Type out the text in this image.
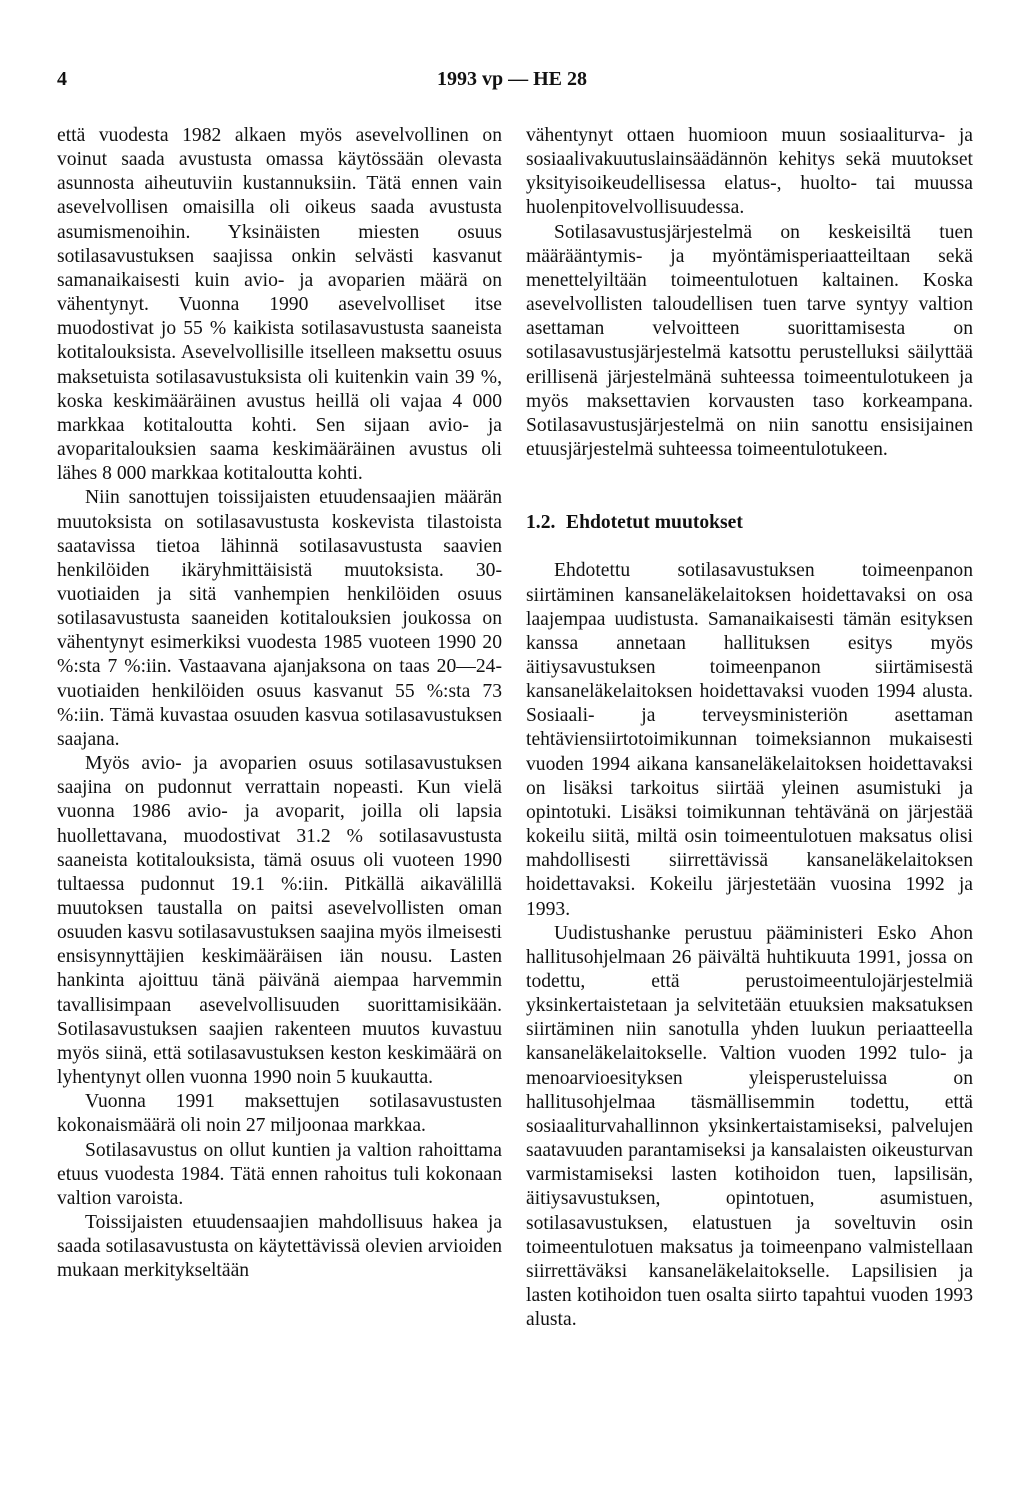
4	1993 vp — HE 28

että vuodesta 1982 alkaen myös asevelvollinen on voinut saada avustusta omassa käytössään olevasta asunnosta aiheutuviin kustannuksiin. Tätä ennen vain asevelvollisen omaisilla oli oikeus saada avustusta asumismenoihin. Yksinäisten miesten osuus sotilasavustuksen saajissa onkin selvästi kasvanut samanaikaisesti kuin avio- ja avoparien määrä on vähentynyt. Vuonna 1990 asevelvolliset itse muodostivat jo 55 % kaikista sotilasavustusta saaneista kotitalouksista. Asevelvollisille itselleen maksettu osuus maksetuista sotilasavustuksista oli kuitenkin vain 39 %, koska keskimääräinen avustus heillä oli vajaa 4 000 markkaa kotitaloutta kohti. Sen sijaan avio- ja avoparitalouksien saama keskimääräinen avustus oli lähes 8 000 markkaa kotitaloutta kohti.

Niin sanottujen toissijaisten etuudensaajien määrän muutoksista on sotilasavustusta koskevista tilastoista saatavissa tietoa lähinnä sotilasavustusta saavien henkilöiden ikäryhmittäisistä muutoksista. 30-vuotiaiden ja sitä vanhempien henkilöiden osuus sotilasavustusta saaneiden kotitalouksien joukossa on vähentynyt esimerkiksi vuodesta 1985 vuoteen 1990 20 %:sta 7 %:iin. Vastaavana ajanjaksona on taas 20—24-vuotiaiden henkilöiden osuus kasvanut 55 %:sta 73 %:iin. Tämä kuvastaa osuuden kasvua sotilasavustuksen saajana.

Myös avio- ja avoparien osuus sotilasavustuksen saajina on pudonnut verrattain nopeasti. Kun vielä vuonna 1986 avio- ja avoparit, joilla oli lapsia huollettavana, muodostivat 31.2 % sotilasavustusta saaneista kotitalouksista, tämä osuus oli vuoteen 1990 tultaessa pudonnut 19.1 %:iin. Pitkällä aikavälillä muutoksen taustalla on paitsi asevelvollisten oman osuuden kasvu sotilasavustuksen saajina myös ilmeisesti ensisynnyttäjien keskimääräisen iän nousu. Lasten hankinta ajoittuu tänä päivänä aiempaa harvemmin tavallisimpaan asevelvollisuuden suorittamisikään. Sotilasavustuksen saajien rakenteen muutos kuvastuu myös siinä, että sotilasavustuksen keston keskimäärä on lyhentynyt ollen vuonna 1990 noin 5 kuukautta.

Vuonna 1991 maksettujen sotilasavustusten kokonaismäärä oli noin 27 miljoonaa markkaa.

Sotilasavustus on ollut kuntien ja valtion rahoittama etuus vuodesta 1984. Tätä ennen rahoitus tuli kokonaan valtion varoista.

Toissijaisten etuudensaajien mahdollisuus hakea ja saada sotilasavustusta on käytettävissä olevien arvioiden mukaan merkitykseltään

vähentynyt ottaen huomioon muun sosiaaliturva- ja sosiaalivakuutuslainsäädännön kehitys sekä muutokset yksityisoikeudellisessa elatus-, huolto- tai muussa huolenpitovelvollisuudessa.

Sotilasavustusjärjestelmä on keskeisiltä tuen määrääntymis- ja myöntämisperiaatteiltaan sekä menettelyiltään toimeentulotuen kaltainen. Koska asevelvollisten taloudellisen tuen tarve syntyy valtion asettaman velvoitteen suorittamisesta on sotilasavustusjärjestelmä katsottu perustelluksi säilyttää erillisenä järjestelmänä suhteessa toimeentulotukeen ja myös maksettavien korvausten taso korkeampana. Sotilasavustusjärjestelmä on niin sanottu ensisijainen etuusjärjestelmä suhteessa toimeentulotukeen.

1.2. Ehdotetut muutokset

Ehdotettu sotilasavustuksen toimeenpanon siirtäminen kansaneläkelaitoksen hoidettavaksi on osa laajempaa uudistusta. Samanaikaisesti tämän esityksen kanssa annetaan hallituksen esitys myös äitiysavustuksen toimeenpanon siirtämisestä kansaneläkelaitoksen hoidettavaksi vuoden 1994 alusta. Sosiaali- ja terveysministeriön asettaman tehtäviensiirtotoimikunnan toimeksiannon mukaisesti vuoden 1994 aikana kansaneläkelaitoksen hoidettavaksi on lisäksi tarkoitus siirtää yleinen asumistuki ja opintotuki. Lisäksi toimikunnan tehtävänä on järjestää kokeilu siitä, miltä osin toimeentulotuen maksatus olisi mahdollisesti siirrettävissä kansaneläkelaitoksen hoidettavaksi. Kokeilu järjestetään vuosina 1992 ja 1993.

Uudistushanke perustuu pääministeri Esko Ahon hallitusohjelmaan 26 päivältä huhtikuuta 1991, jossa on todettu, että perustoimeentulojärjestelmiä yksinkertaistetaan ja selvitetään etuuksien maksatuksen siirtäminen niin sanotulla yhden luukun periaatteella kansaneläkelaitokselle. Valtion vuoden 1992 tulo- ja menoarvioesityksen yleisperusteluissa on hallitusohjelmaa täsmällisemmin todettu, että sosiaaliturvahallinnon yksinkertaistamiseksi, palvelujen saatavuuden parantamiseksi ja kansalaisten oikeusturvan varmistamiseksi lasten kotihoidon tuen, lapsilisän, äitiysavustuksen, opintotuen, asumistuen, sotilasavustuksen, elatustuen ja soveltuvin osin toimeentulotuen maksatus ja toimeenpano valmistellaan siirrettäväksi kansaneläkelaitokselle. Lapsilisien ja lasten kotihoidon tuen osalta siirto tapahtui vuoden 1993 alusta.
